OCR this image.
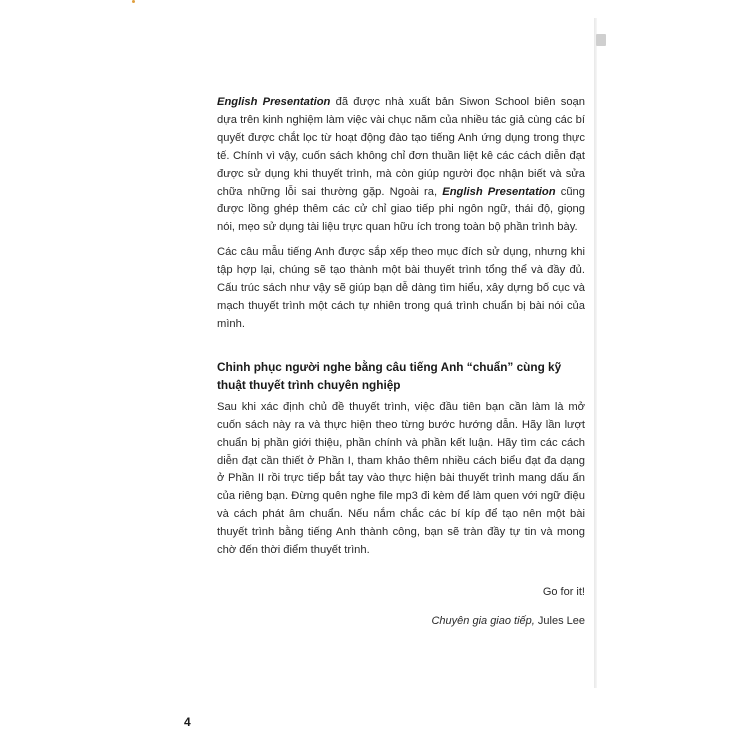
English Presentation đã được nhà xuất bản Siwon School biên soạn dựa trên kinh nghiệm làm việc vài chục năm của nhiều tác giả cùng các bí quyết được chắt lọc từ hoạt động đào tạo tiếng Anh ứng dụng trong thực tế. Chính vì vậy, cuốn sách không chỉ đơn thuần liệt kê các cách diễn đạt được sử dụng khi thuyết trình, mà còn giúp người đọc nhận biết và sửa chữa những lỗi sai thường gặp. Ngoài ra, English Presentation cũng được lồng ghép thêm các cử chỉ giao tiếp phi ngôn ngữ, thái độ, giọng nói, mẹo sử dụng tài liệu trực quan hữu ích trong toàn bộ phần trình bày.

Các câu mẫu tiếng Anh được sắp xếp theo mục đích sử dụng, nhưng khi tập hợp lại, chúng sẽ tạo thành một bài thuyết trình tổng thể và đầy đủ. Cấu trúc sách như vậy sẽ giúp bạn dễ dàng tìm hiểu, xây dựng bố cục và mạch thuyết trình một cách tự nhiên trong quá trình chuẩn bị bài nói của mình.

Chinh phục người nghe bằng câu tiếng Anh “chuẩn” cùng kỹ thuật thuyết trình chuyên nghiệp

Sau khi xác định chủ đề thuyết trình, việc đầu tiên bạn cần làm là mở cuốn sách này ra và thực hiện theo từng bước hướng dẫn. Hãy lần lượt chuẩn bị phần giới thiệu, phần chính và phần kết luận. Hãy tìm các cách diễn đạt cần thiết ở Phần I, tham khảo thêm nhiều cách biểu đạt đa dạng ở Phần II rồi trực tiếp bắt tay vào thực hiện bài thuyết trình mang dấu ấn của riêng bạn. Đừng quên nghe file mp3 đi kèm để làm quen với ngữ điệu và cách phát âm chuẩn. Nếu nắm chắc các bí kíp để tạo nên một bài thuyết trình bằng tiếng Anh thành công, bạn sẽ tràn đầy tự tin và mong chờ đến thời điểm thuyết trình.

Go for it!
Chuyên gia giao tiếp, Jules Lee
4
